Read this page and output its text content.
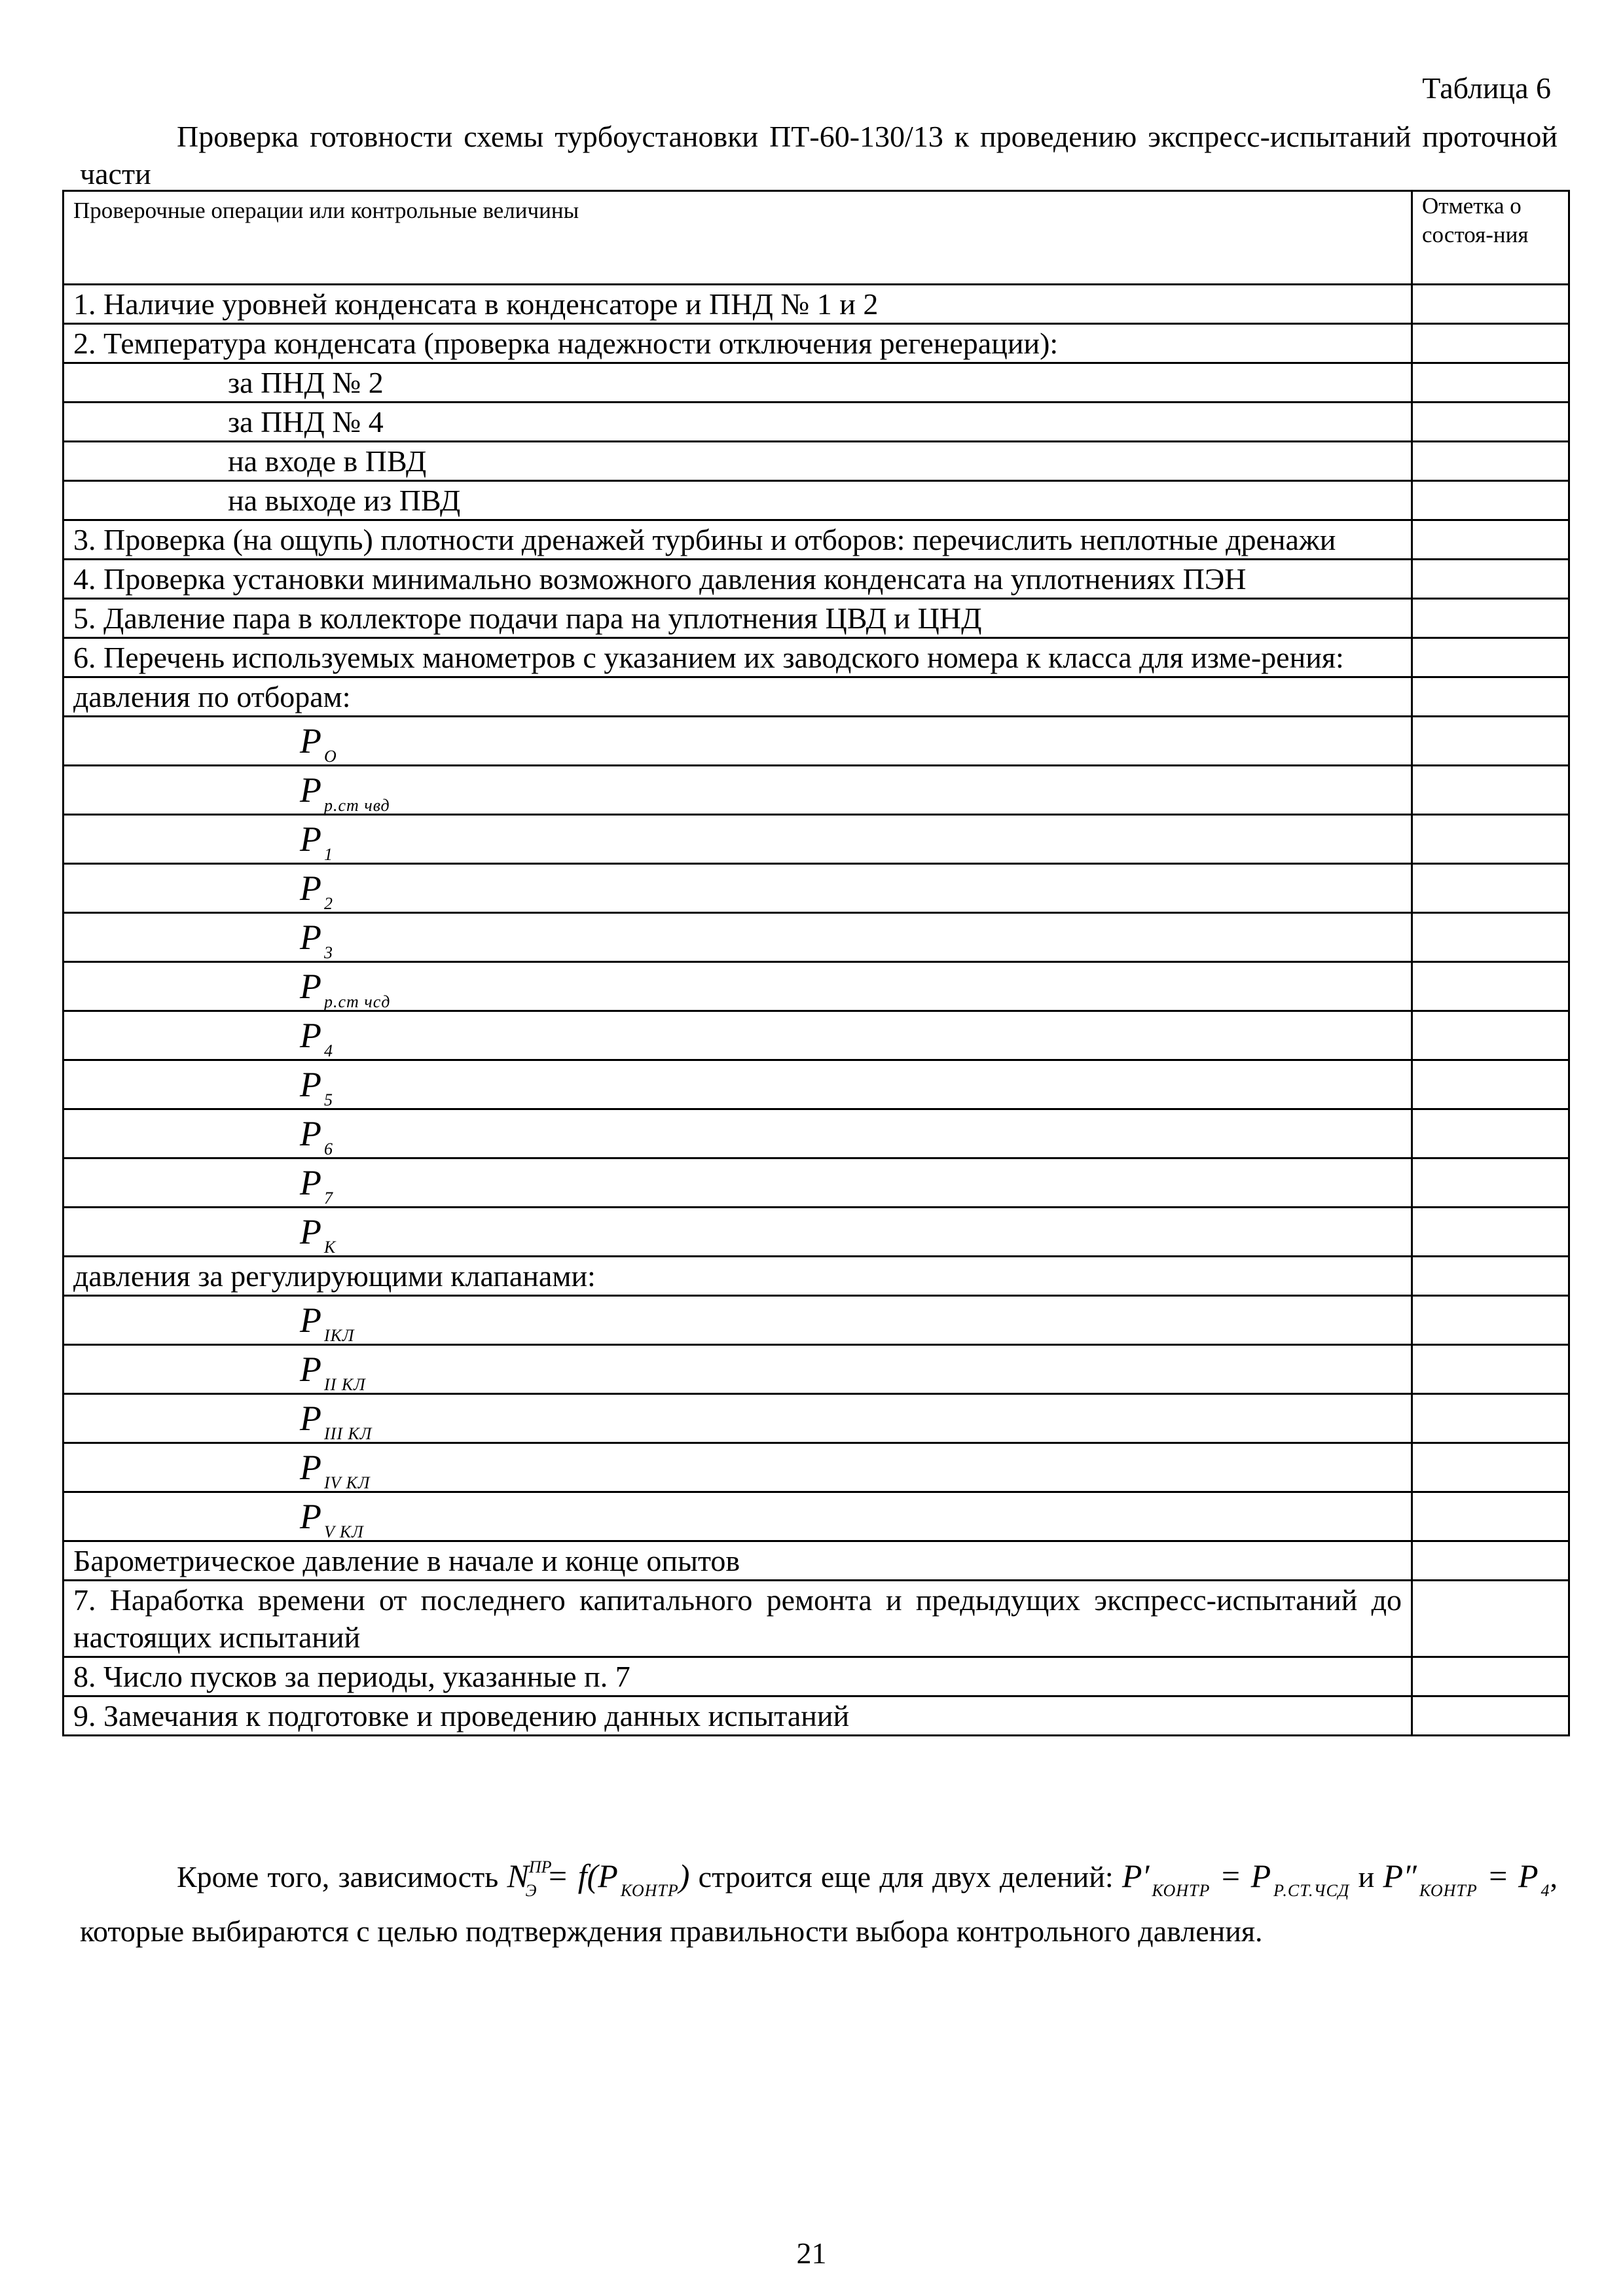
Таблица 6
Проверка готовности схемы турбоустановки ПТ-60-130/13 к проведению экспресс-испытаний проточной части
Проверочные операции или контрольные величины	Отметка о состоя-ния
1. Наличие уровней конденсата в конденсаторе и ПНД № 1 и 2	
2. Температура конденсата (проверка надежности отключения регенерации):	
за ПНД № 2	
за ПНД № 4	
на входе в ПВД	
на выходе из ПВД	
3. Проверка (на ощупь) плотности дренажей турбины и отборов: перечислить неплотные дренажи	
4. Проверка установки минимально возможного давления конденсата на уплотнениях ПЭН	
5. Давление пара в коллекторе подачи пара на уплотнения ЦВД и ЦНД	
6. Перечень используемых манометров с указанием их заводского номера к класса для изме-рения:	
давления по отборам:	
P $_O$	
P $_{р.ст чвд}$	
P $_1$	
P $_2$	
P $_3$	
P $_{р.ст чсд}$	
P $_4$	
P $_5$	
P $_6$	
P $_7$	
P $_K$	
давления за регулирующими клапанами:	
P $_{IКЛ}$	
P $_{II КЛ}$	
P $_{III КЛ}$	
P $_{IV КЛ}$	
P $_{V КЛ}$	
Барометрическое давление в начале и конце опытов	
7. Наработка времени от последнего капитального ремонта и предыдущих экспресс-испытаний до настоящих испытаний	
8. Число пусков за периоды, указанные п. 7	
9. Замечания к подготовке и проведению данных испытаний	
Кроме того, зависимость $N^{ПР}_Э = f(P$ $_{КОНТР}$) строится еще для двух делений: P′ $_{КОНТР}$ = P $_{Р.СТ.ЧСД}$ и P″ $_{КОНТР}$ = P $_4$, которые выбираются с целью подтверждения правильности выбора контрольного давления.
21
